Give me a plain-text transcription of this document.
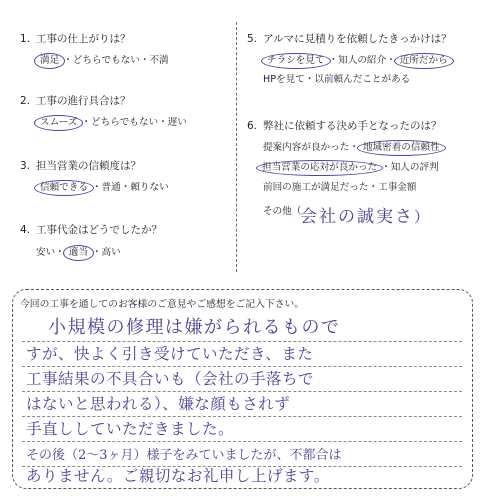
1. 工事の仕上がりは？
満足 ・どちらでもない・不満
2. 工事の進行具合は？
スムーズ ・どちらでもない・遅い
3. 担当営業の信頼度は？
信頼できる ・普通・頼りない
4. 工事代金はどうでしたか？
安い・ 適当 ・高い
5. アルマに見積りを依頼したきっかけは？
チラシを見て ・知人の紹介・ 近所だから
HPを見て・以前頼んだことがある
6. 弊社に依頼する決め手となったのは？
提案内容が良かった・ 地域密着の信頼性
担当営業の応対が良かった ・知人の評判
前回の施工が満足だった・工事金額
その他（
会社の誠実さ）
今回の工事を通してのお客様のご意見やご感想をご記入下さい。
小規模の修理は嫌がられるもので
すが、快よく引き受けていただき、また
工事結果の不具合いも（会社の手落ちで
はないと思われる）、嫌な顔もされず
手直ししていただきました。
その後（2〜3ヶ月）様子をみていましたが、不都合は
ありません。ご親切なお礼申し上げます。
